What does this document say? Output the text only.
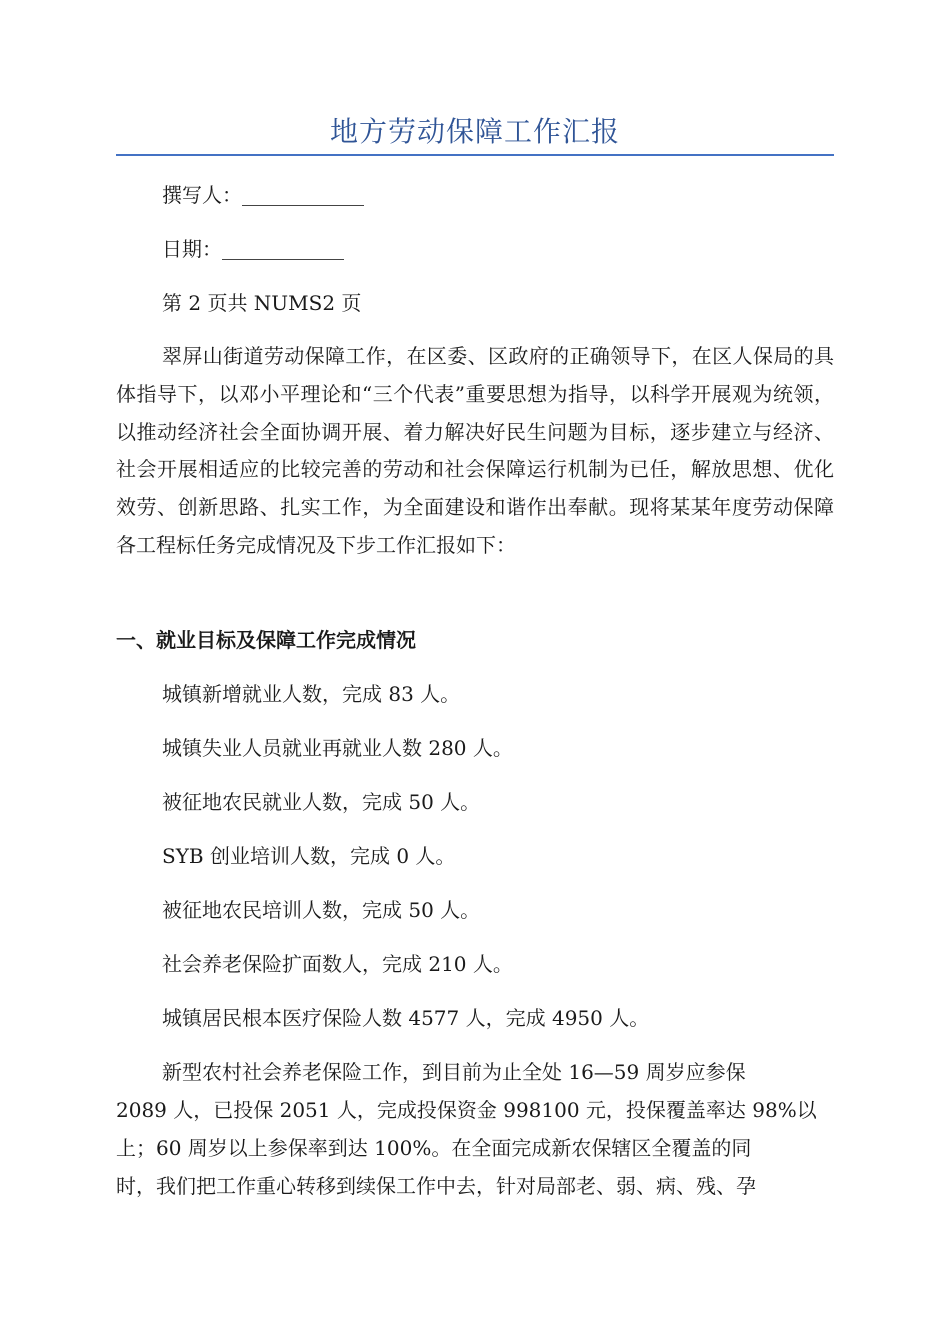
地方劳动保障工作汇报
撰写人：
日期：
第 2 页共 NUMS2 页
翠屏山街道劳动保障工作，在区委、区政府的正确领导下，在区人保局的具体指导下，以邓小平理论和“三个代表”重要思想为指导，以科学开展观为统领，以推动经济社会全面协调开展、着力解决好民生问题为目标，逐步建立与经济、社会开展相适应的比较完善的劳动和社会保障运行机制为已任，解放思想、优化效劳、创新思路、扎实工作，为全面建设和谐作出奉献。现将某某年度劳动保障各工程标任务完成情况及下步工作汇报如下：
一、就业目标及保障工作完成情况
城镇新增就业人数，完成 83 人。
城镇失业人员就业再就业人数 280 人。
被征地农民就业人数，完成 50 人。
SYB 创业培训人数，完成 0 人。
被征地农民培训人数，完成 50 人。
社会养老保险扩面数人，完成 210 人。
城镇居民根本医疗保险人数 4577 人，完成 4950 人。
新型农村社会养老保险工作，到目前为止全处 16—59 周岁应参保
2089 人，已投保 2051 人，完成投保资金 998100 元，投保覆盖率达 98%以
上；60 周岁以上参保率到达 100%。在全面完成新农保辖区全覆盖的同
时，我们把工作重心转移到续保工作中去，针对局部老、弱、病、残、孕
